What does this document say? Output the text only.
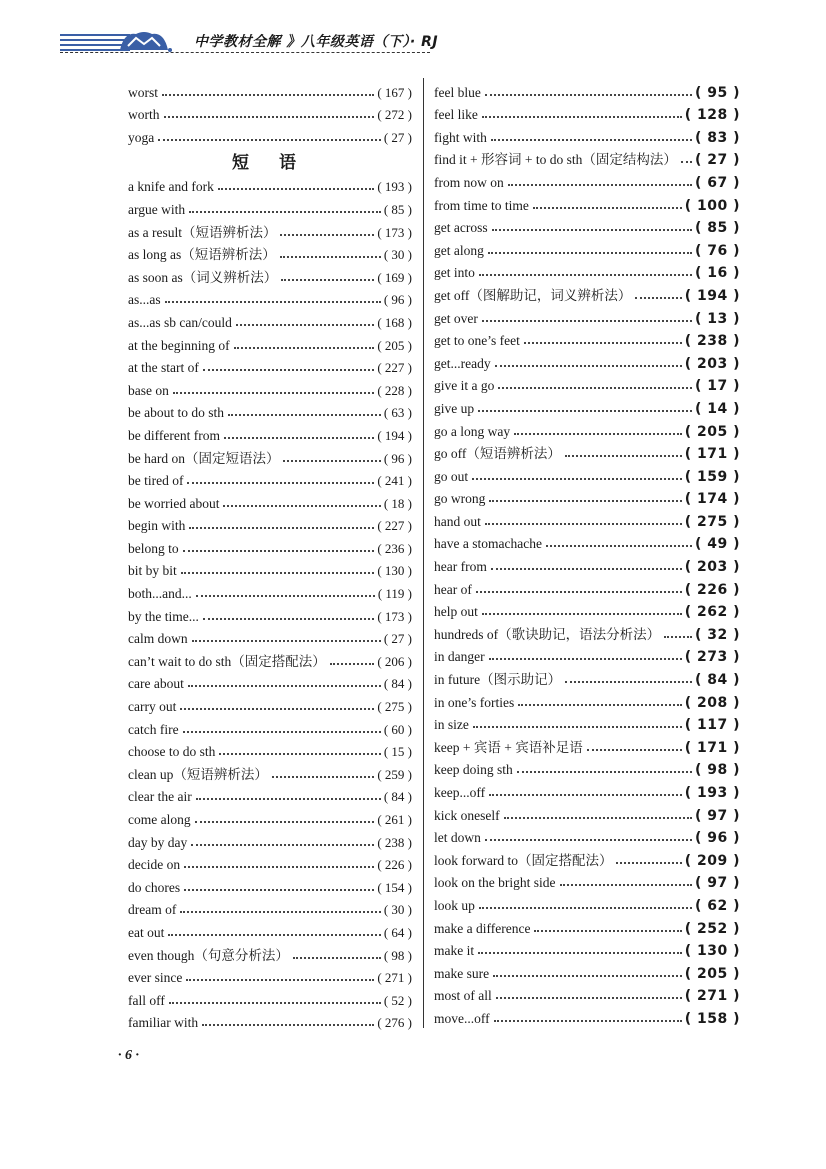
中学教材全解 》八年级英语（下）· RJ
worst	( 167 )
worth	( 272 )
yoga	( 27 )
短 语
a knife and fork	( 193 )
argue with	( 85 )
as a result（短语辨析法）	( 173 )
as long as（短语辨析法）	( 30 )
as soon as（词义辨析法）	( 169 )
as...as	( 96 )
as...as sb can/could	( 168 )
at the beginning of	( 205 )
at the start of	( 227 )
base on	( 228 )
be about to do sth	( 63 )
be different from	( 194 )
be hard on（固定短语法）	( 96 )
be tired of	( 241 )
be worried about	( 18 )
begin with	( 227 )
belong to	( 236 )
bit by bit	( 130 )
both...and...	( 119 )
by the time...	( 173 )
calm down	( 27 )
can’t wait to do sth（固定搭配法）	( 206 )
care about	( 84 )
carry out	( 275 )
catch fire	( 60 )
choose to do sth	( 15 )
clean up（短语辨析法）	( 259 )
clear the air	( 84 )
come along	( 261 )
day by day	( 238 )
decide on	( 226 )
do chores	( 154 )
dream of	( 30 )
eat out	( 64 )
even though（句意分析法）	( 98 )
ever since	( 271 )
fall off	( 52 )
familiar with	( 276 )
feel blue	( 95 )
feel like	( 128 )
fight with	( 83 )
find it + 形容词 + to do sth（固定结构法） ( 27 )
from now on	( 67 )
from time to time	( 100 )
get across	( 85 )
get along	( 76 )
get into	( 16 )
get off（图解助记，词义辨析法）	( 194 )
get over	( 13 )
get to one’s feet	( 238 )
get...ready	( 203 )
give it a go	( 17 )
give up	( 14 )
go a long way	( 205 )
go off（短语辨析法）	( 171 )
go out	( 159 )
go wrong	( 174 )
hand out	( 275 )
have a stomachache	( 49 )
hear from	( 203 )
hear of	( 226 )
help out	( 262 )
hundreds of（歌诀助记，语法分析法） ( 32 )
in danger	( 273 )
in future（图示助记）	( 84 )
in one’s forties	( 208 )
in size	( 117 )
keep + 宾语 + 宾语补足语	( 171 )
keep doing sth	( 98 )
keep...off	( 193 )
kick oneself	( 97 )
let down	( 96 )
look forward to（固定搭配法）	( 209 )
look on the bright side	( 97 )
look up	( 62 )
make a difference	( 252 )
make it	( 130 )
make sure	( 205 )
most of all	( 271 )
move...off	( 158 )
· 6 ·
